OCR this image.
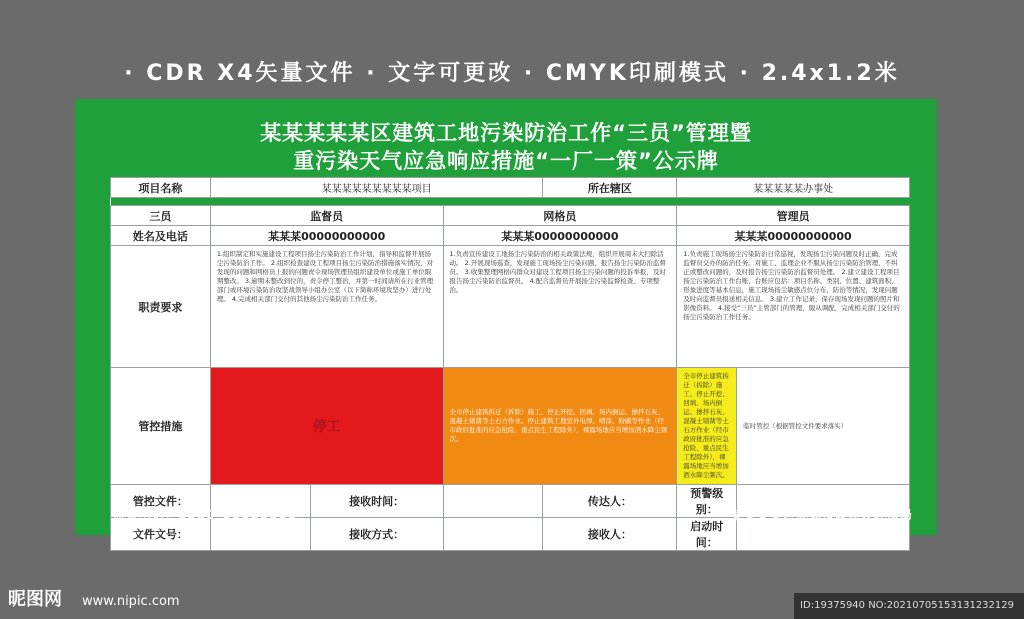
· CDR X4矢量文件 · 文字可更改 · CMYK印刷模式 · 2.4x1.2米
某某某某某区建筑工地污染防治工作“三员”管理暨
重污染天气应急响应措施“一厂一策”公示牌
项目名称	某某某某某某某某某项目			所在辖区	某某某某某办事处	

三员	监督员		网格员		管理员	
姓名及电话	某某某00000000000		某某某00000000000		某某某00000000000	
职责要求	1.组织制定和实施建设工程项目扬尘污染防治工作计划，指导和监督开展扬尘污染防治工作。 2.组织检查建设工程项目扬尘污染防治措施落实情况，对发现的问题和网格员上报的问题责令现场管理员组织建设单位或施工单位限期整改。 3.逾期未整改到位的，责令停工整治，并第一时间请所在行业管理部门或环境污染防治攻坚战领导小组办公室（以下简称环境攻坚办）进行处理。 4.完成相关部门交付的其他扬尘污染防治工作任务。		1.负责宣传建设工地扬尘污染防治的相关政策法规，组织开展周末大扫除活动。 2.开展现场巡查，发现施工现场扬尘污染问题，报告扬尘污染防治监督员。 3.收集整理网格内群众对建设工程项目扬尘污染问题的投诉举报，及时报告扬尘污染防治监督员。 4.配合监督员开展扬尘污染监督检查、专项整治。		1.负责施工现场扬尘污染防治日常巡视，发现扬尘污染问题及时正确，完成监督员交办的防治任务。对施工、监理企业不服从扬尘污染防治管理、不纠正或整改问题的，及时报告扬尘污染防治监督员处理。 2.建立建设工程项目扬尘污染防治工作台账，台账应包括：项目名称、类别、位置、建筑面积、形象进度等基本信息，施工现场扬尘敏感点位分布、防治等情况，发现问题及时向监督员报送相关信息。 3.建立工作记录，保存现场发现问题的照片和影像资料。 4.接受“三员”主管部门的管理，服从调配，完成相关部门交付的扬尘污染防治工作任务。	
管控措施	停工		全市停止建筑拆迁（拆除）施工、停止开挖、回填、场内倒运、掺拌石灰、混凝土剔凿等土石方作业。停止建筑工地室外电焊、喷涂、粉刷等作业（经市政府批准的应急抢险、重点民生工程除外），裸露场地应当增加洒水降尘频次。		全市停止建筑拆迁（拆除）施工、停止开挖、回填、场内倒运、掺拌石灰、混凝土剔凿等土石方作业（经市政府批准的应急抢险、重点民生工程除外），裸露场地应当增加洒水降尘频次。	临时管控（根据管控文件要求落实）
管控文件：		接收时间：		传达人：	预警级别：	
文件文号：		接收方式：		接收人：	启动时间：	
监督电话：0000–00000000	某某某某区规划市政建设环保局
昵图网 www.nipic.com	ID:19375940 NO:20210705153131232129
